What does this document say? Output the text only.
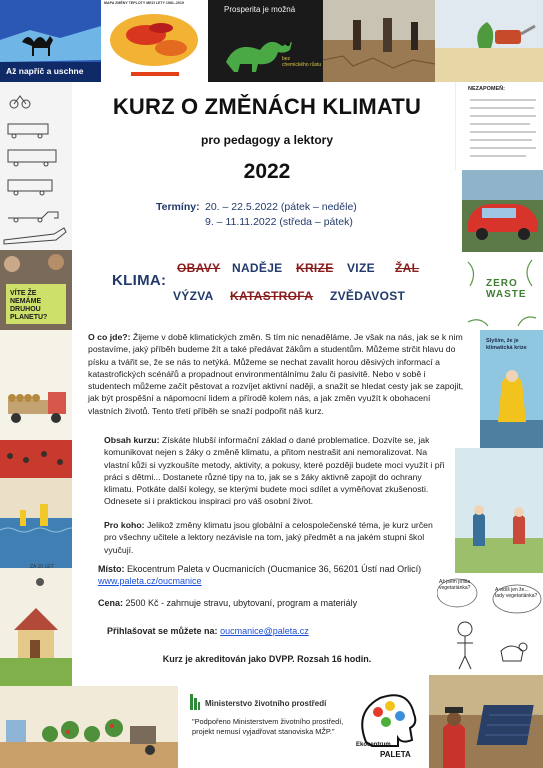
Až napříč a uschne
MAPA ZMĚNY TEPLOTY MEZI LETY 1981–2019
Prosperita je možná
bez
chemického růstu
VÍTE ŽE NEMÁME DRUHOU PLANETU?
ZA 10 LET
NEZAPOMEŇ:
ZERO
WASTE
Slyším, že je klimatická krize
Až jsem přišla vegetariánka?	A vidíš jen že... tady vegetariánka?
Ministerstvo životního prostředí
"Podpořeno Ministerstvem životního prostředí, projekt nemusí vyjadřovat stanoviska MŽP."
Ekocentrum
PALETA
KURZ O ZMĚNÁCH KLIMATU
pro pedagogy a lektory
2022
Termíny: 20. – 22.5.2022 (pátek – neděle)
9. – 11.11.2022 (středa – pátek)
KLIMA:
OBAVY NADĚJE KRIZE VIZE ŽAL
VÝZVA KATASTROFA ZVĚDAVOST
O co jde?: Žijeme v době klimatických změn. S tím nic nenaděláme. Je však na nás, jak se k nim postavíme, jaký příběh budeme žít a také předávat žákům a studentům. Můžeme strčit hlavu do písku a tvářit se, že se nás to netýká. Můžeme se nechat zavalit horou děsivých informací a katastrofických scénářů a propadnout environmentálnímu žalu či pasivitě. Nebo v sobě i studentech můžeme začít pěstovat a rozvíjet aktivní naději, a snažit se hledat cesty jak se zapojit, jak být prospěšní a nápomocní lidem a přírodě kolem nás, a jak změn využít k obohacení vlastních životů. Tento třetí příběh se snaží podpořit náš kurz.
Obsah kurzu: Získáte hlubší informační základ o dané problematice. Dozvíte se, jak komunikovat nejen s žáky o změně klimatu, a přitom nestrašit ani nemoralizovat. Na vlastní kůži si vyzkoušíte metody, aktivity, a pokusy, které později budete moci využít i při práci s dětmi... Dostanete různé tipy na to, jak se s žáky aktivně zapojit do ochrany klimatu. Potkáte další kolegy, se kterými budete moci sdílet a vyměňovat zkušenosti. Odnesete si i praktickou inspiraci pro váš osobní život.
Pro koho: Jelikož změny klimatu jsou globální a celospolečenské téma, je kurz určen pro všechny učitele a lektory nezávisle na tom, jaký předmět a na jakém stupni škol vyučují.
Místo: Ekocentrum Paleta v Oucmanicích (Oucmanice 36, 56201 Ústí nad Orlicí)
www.paleta.cz/oucmanice
Cena: 2500 Kč - zahrnuje stravu, ubytovaní, program a materiály
Přihlašovat se můžete na: oucmanice@paleta.cz
Kurz je akreditován jako DVPP. Rozsah 16 hodin.
